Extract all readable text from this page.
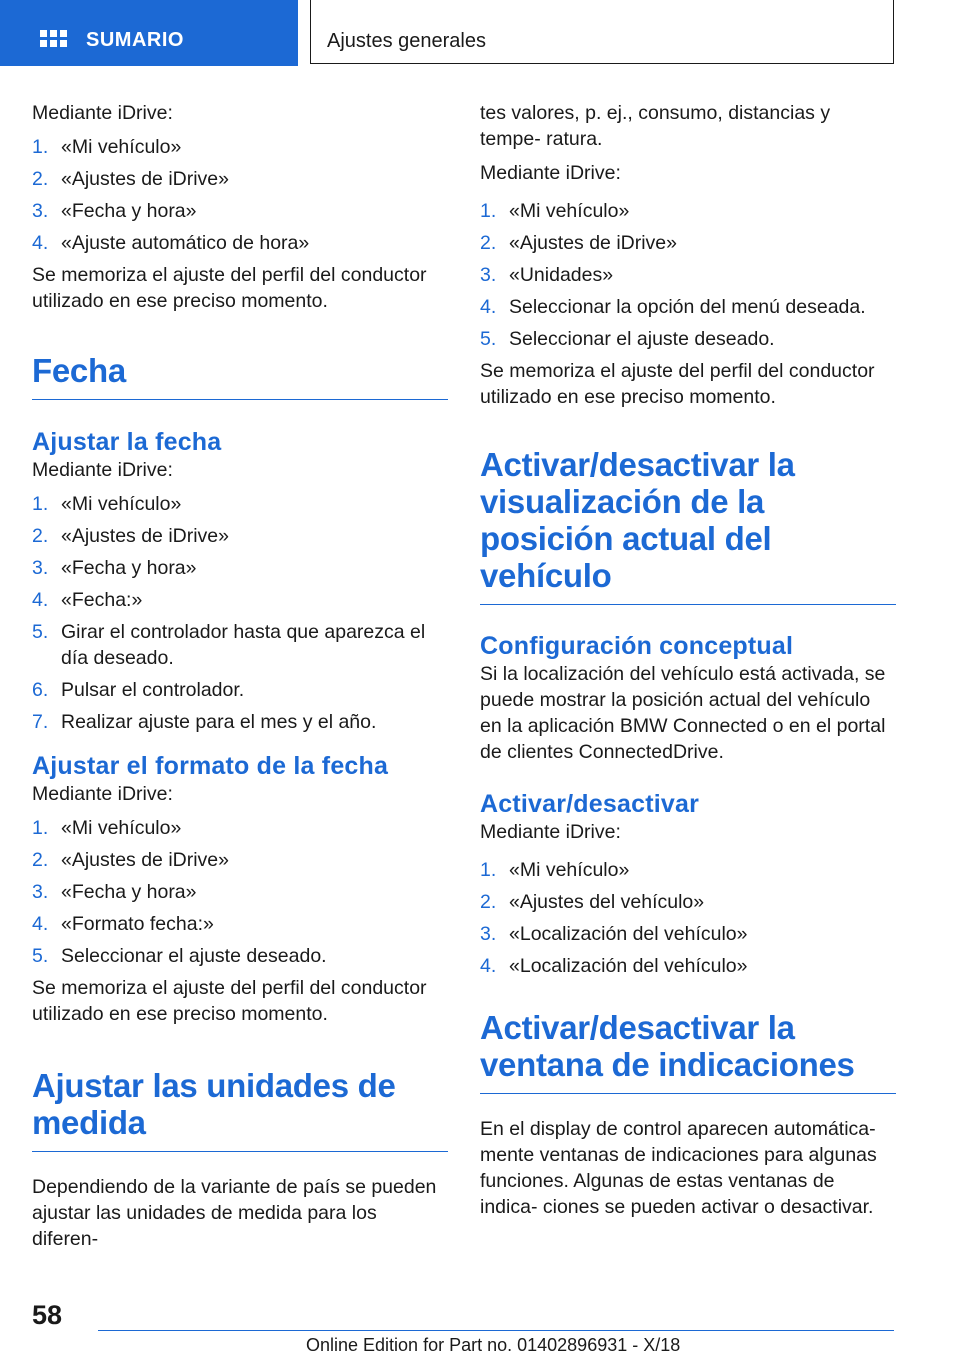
SUMARIO	Ajustes generales

Mediante iDrive:

1. «Mi vehículo»
2. «Ajustes de iDrive»
3. «Fecha y hora»
4. «Ajuste automático de hora»

Se memoriza el ajuste del perfil del conductor utilizado en ese preciso momento.

Fecha
Ajustar la fecha

Mediante iDrive:

1. «Mi vehículo»
2. «Ajustes de iDrive»
3. «Fecha y hora»
4. «Fecha:»
5. Girar el controlador hasta que aparezca el día deseado.
6. Pulsar el controlador.
7. Realizar ajuste para el mes y el año.
Ajustar el formato de la fecha

Mediante iDrive:

1. «Mi vehículo»
2. «Ajustes de iDrive»
3. «Fecha y hora»
4. «Formato fecha:»
5. Seleccionar el ajuste deseado.

Se memoriza el ajuste del perfil del conductor utilizado en ese preciso momento.

Ajustar las unidades de medida

Dependiendo de la variante de país se pueden ajustar las unidades de medida para los diferen‑

tes valores, p. ej., consumo, distancias y tempe‑ ratura.

Mediante iDrive:

1. «Mi vehículo»
2. «Ajustes de iDrive»
3. «Unidades»
4. Seleccionar la opción del menú deseada.
5. Seleccionar el ajuste deseado.

Se memoriza el ajuste del perfil del conductor utilizado en ese preciso momento.

Activar/desactivar la visualización de la posición actual del vehículo
Configuración conceptual

Si la localización del vehículo está activada, se puede mostrar la posición actual del vehículo en la aplicación BMW Connected o en el portal de clientes ConnectedDrive.

Activar/desactivar

Mediante iDrive:

1. «Mi vehículo»
2. «Ajustes del vehículo»
3. «Localización del vehículo»
4. «Localización del vehículo»
Activar/desactivar la ventana de indicaciones

En el display de control aparecen automática‑ mente ventanas de indicaciones para algunas funciones. Algunas de estas ventanas de indica‑ ciones se pueden activar o desactivar.

58
Online Edition for Part no. 01402896931 - X/18
